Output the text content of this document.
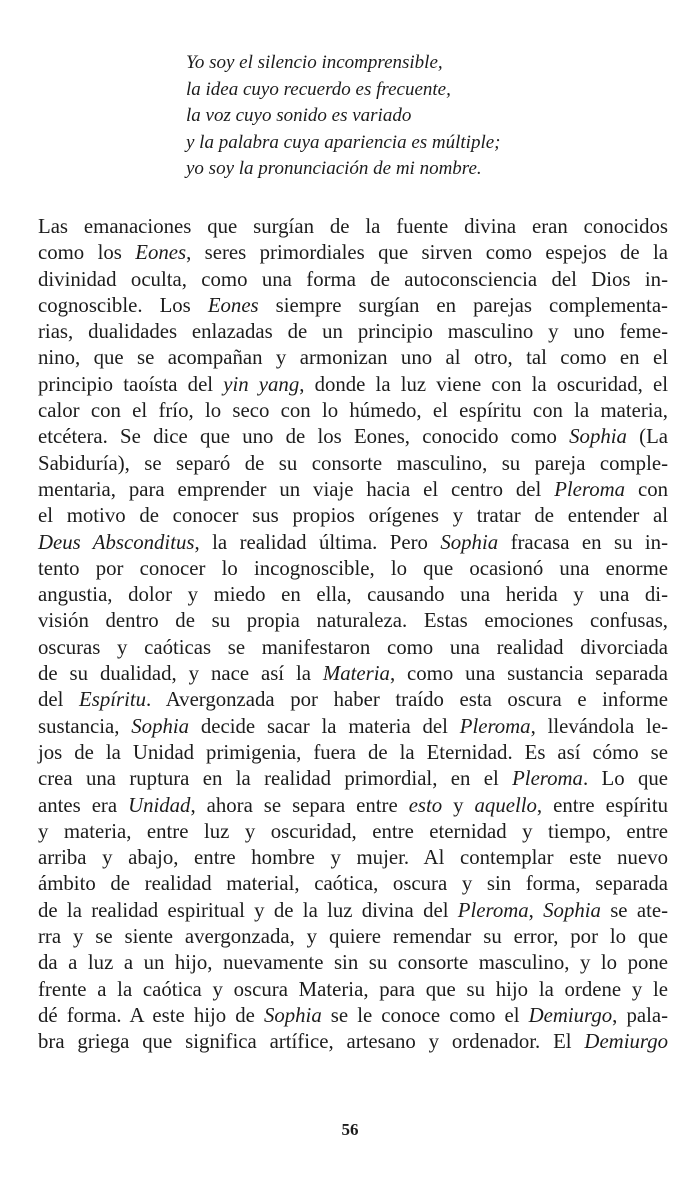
Yo soy el silencio incomprensible,
la idea cuyo recuerdo es frecuente,
la voz cuyo sonido es variado
y la palabra cuya apariencia es múltiple;
yo soy la pronunciación de mi nombre.
Las emanaciones que surgían de la fuente divina eran conocidos
como los Eones, seres primordiales que sirven como espejos de la
divinidad oculta, como una forma de autoconsciencia del Dios in-
cognoscible. Los Eones siempre surgían en parejas complementa-
rias, dualidades enlazadas de un principio masculino y uno feme-
nino, que se acompañan y armonizan uno al otro, tal como en el
principio taoísta del yin yang, donde la luz viene con la oscuridad, el
calor con el frío, lo seco con lo húmedo, el espíritu con la materia,
etcétera. Se dice que uno de los Eones, conocido como Sophia (La
Sabiduría), se separó de su consorte masculino, su pareja comple-
mentaria, para emprender un viaje hacia el centro del Pleroma con
el motivo de conocer sus propios orígenes y tratar de entender al
Deus Absconditus, la realidad última. Pero Sophia fracasa en su in-
tento por conocer lo incognoscible, lo que ocasionó una enorme
angustia, dolor y miedo en ella, causando una herida y una di-
visión dentro de su propia naturaleza. Estas emociones confusas,
oscuras y caóticas se manifestaron como una realidad divorciada
de su dualidad, y nace así la Materia, como una sustancia separada
del Espíritu. Avergonzada por haber traído esta oscura e informe
sustancia, Sophia decide sacar la materia del Pleroma, llevándola le-
jos de la Unidad primigenia, fuera de la Eternidad. Es así cómo se
crea una ruptura en la realidad primordial, en el Pleroma. Lo que
antes era Unidad, ahora se separa entre esto y aquello, entre espíritu
y materia, entre luz y oscuridad, entre eternidad y tiempo, entre
arriba y abajo, entre hombre y mujer. Al contemplar este nuevo
ámbito de realidad material, caótica, oscura y sin forma, separada
de la realidad espiritual y de la luz divina del Pleroma, Sophia se ate-
rra y se siente avergonzada, y quiere remendar su error, por lo que
da a luz a un hijo, nuevamente sin su consorte masculino, y lo pone
frente a la caótica y oscura Materia, para que su hijo la ordene y le
dé forma. A este hijo de Sophia se le conoce como el Demiurgo, pala-
bra griega que significa artífice, artesano y ordenador. El Demiurgo
56
